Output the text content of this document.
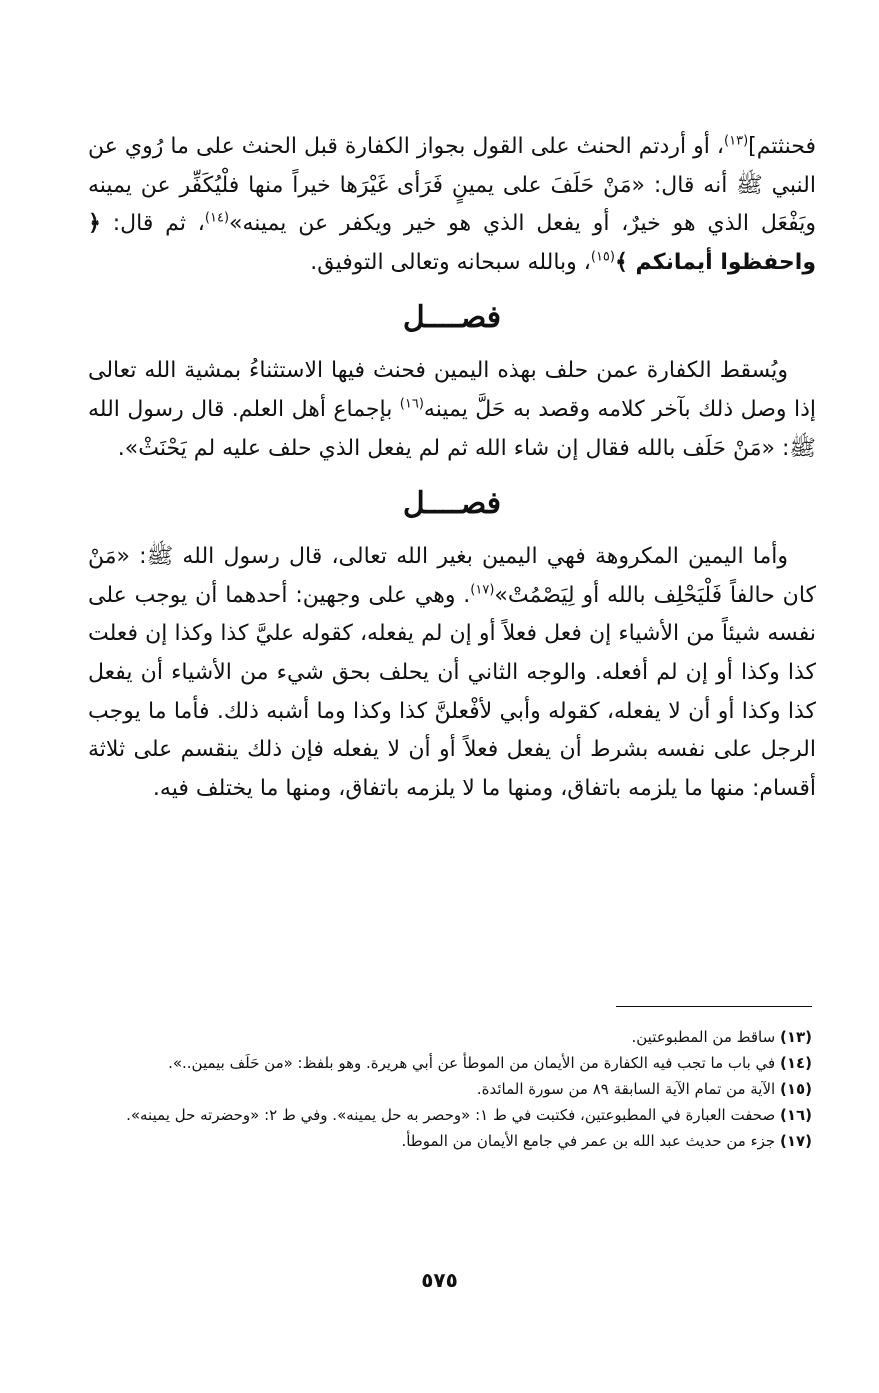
فحنثتم]$^{(١٣)}$، أو أردتم الحنث على القول بجواز الكفارة قبل الحنث على ما رُوي عن النبي ﷺ أنه قال: «مَنْ حَلَفَ على يمينٍ فَرَأى غَيْرَها خيراً منها فلْيُكَفِّر عن يمينه ويَفْعَل الذي هو خيرٌ، أو يفعل الذي هو خير ويكفر عن يمينه»$^{(١٤)}$، ثم قال: ﴿ واحفظوا أيمانكم ﴾$^{(١٥)}$، وبالله سبحانه وتعالى التوفيق.

فصــــل

ويُسقط الكفارة عمن حلف بهذه اليمين فحنث فيها الاستثناءُ بمشية الله تعالى إذا وصل ذلك بآخر كلامه وقصد به حَلَّ يمينه$^{(١٦)}$ بإجماع أهل العلم. قال رسول الله ﷺ: «مَنْ حَلَف بالله فقال إن شاء الله ثم لم يفعل الذي حلف عليه لم يَحْنَثْ».

فصــــل

وأما اليمين المكروهة فهي اليمين بغير الله تعالى، قال رسول الله ﷺ: «مَنْ كان حالفاً فَلْيَحْلِف بالله أو لِيَصْمُتْ»$^{(١٧)}$. وهي على وجهين: أحدهما أن يوجب على نفسه شيئاً من الأشياء إن فعل فعلاً أو إن لم يفعله، كقوله عليَّ كذا وكذا إن فعلت كذا وكذا أو إن لم أفعله. والوجه الثاني أن يحلف بحق شيء من الأشياء أن يفعل كذا وكذا أو أن لا يفعله، كقوله وأبي لأفْعلنَّ كذا وكذا وما أشبه ذلك. فأما ما يوجب الرجل على نفسه بشرط أن يفعل فعلاً أو أن لا يفعله فإن ذلك ينقسم على ثلاثة أقسام: منها ما يلزمه باتفاق، ومنها ما لا يلزمه باتفاق، ومنها ما يختلف فيه.

(١٣) ساقط من المطبوعتين.

(١٤) في باب ما تجب فيه الكفارة من الأيمان من الموطأ عن أبي هريرة. وهو بلفظ: «من حَلَف بيمين..».

(١٥) الآية من تمام الآية السابقة ٨٩ من سورة المائدة.

(١٦) صحفت العبارة في المطبوعتين، فكتبت في ط ١: «وحصر به حل يمينه». وفي ط ٢: «وحضرته حل يمينه».

(١٧) جزء من حديث عبد الله بن عمر في جامع الأيمان من الموطأ.

٥٧٥
